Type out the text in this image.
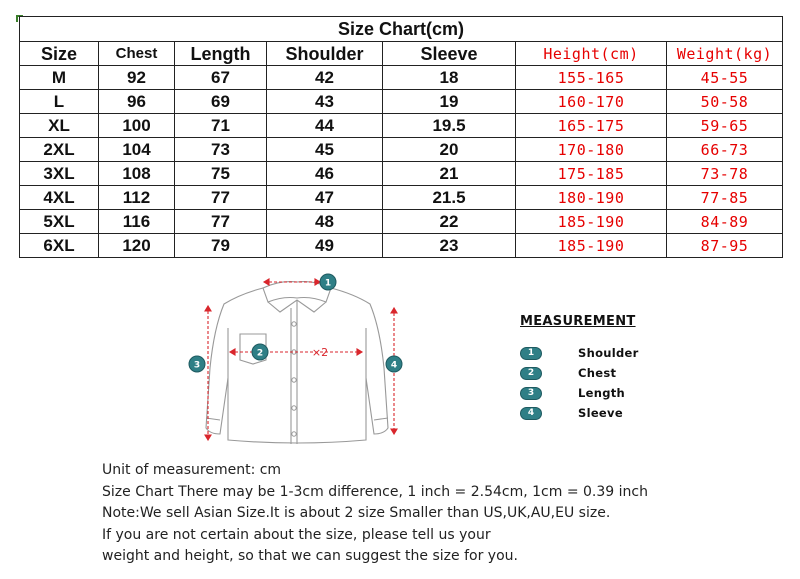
Size Chart(cm)						
Size	Chest	Length	Shoulder	Sleeve	Height(cm)	Weight(kg)
M	92	67	42	18	155-165	45-55
L	96	69	43	19	160-170	50-58
XL	100	71	44	19.5	165-175	59-65
2XL	104	73	45	20	170-180	66-73
3XL	108	75	46	21	175-185	73-78
4XL	112	77	47	21.5	180-190	77-85
5XL	116	77	48	22	185-190	84-89
6XL	120	79	49	23	185-190	87-95
1
2	×2
3	4
MEASUREMENT
1	Shoulder
2	Chest
3	Length
4	Sleeve
Unit of measurement: cm
Size Chart There may be 1-3cm difference, 1 inch = 2.54cm, 1cm = 0.39 inch
Note:We sell Asian Size.It is about 2 size Smaller than US,UK,AU,EU size.
If you are not certain about the size, please tell us your
weight and height, so that we can suggest the size for you.
